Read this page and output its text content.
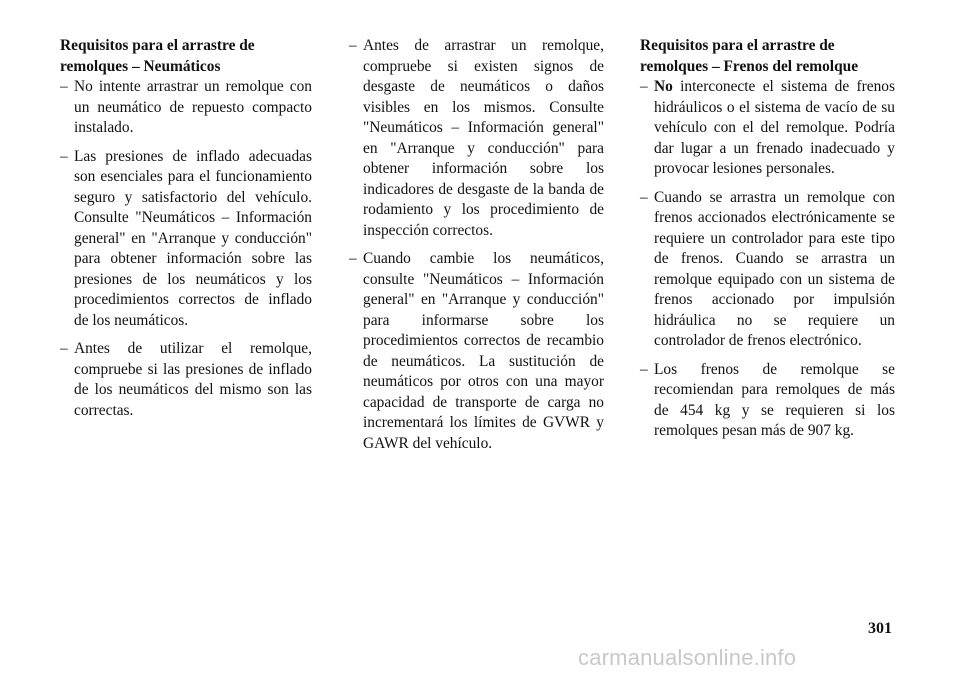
Requisitos para el arrastre de
remolques – Neumáticos

– No intente arrastrar un remolque con un neumático de repuesto compacto instalado.
– Las presiones de inflado adecuadas son esenciales para el funcionamiento seguro y satisfactorio del vehículo. Consulte "Neumáticos – Información general" en "Arranque y conducción" para obtener información sobre las presiones de los neumáticos y los procedimientos correctos de inflado de los neumáticos.
– Antes de utilizar el remolque, compruebe si las presiones de inflado de los neumáticos del mismo son las correctas.
– Antes de arrastrar un remolque, compruebe si existen signos de desgaste de neumáticos o daños visibles en los mismos. Consulte "Neumáticos – Información general" en "Arranque y conducción" para obtener información sobre los indicadores de desgaste de la banda de rodamiento y los procedimiento de inspección correctos.
– Cuando cambie los neumáticos, consulte "Neumáticos – Información general" en "Arranque y conducción" para informarse sobre los procedimientos correctos de recambio de neumáticos. La sustitución de neumáticos por otros con una mayor capacidad de transporte de carga no incrementará los límites de GVWR y GAWR del vehículo.

Requisitos para el arrastre de
remolques – Frenos del remolque

– No interconecte el sistema de frenos hidráulicos o el sistema de vacío de su vehículo con el del remolque. Podría dar lugar a un frenado inadecuado y provocar lesiones personales.
– Cuando se arrastra un remolque con frenos accionados electrónicamente se requiere un controlador para este tipo de frenos. Cuando se arrastra un remolque equipado con un sistema de frenos accionado por impulsión hidráulica no se requiere un controlador de frenos electrónico.
– Los frenos de remolque se recomiendan para remolques de más de 454 kg y se requieren si los remolques pesan más de 907 kg.
301
carmanualsonline.info
